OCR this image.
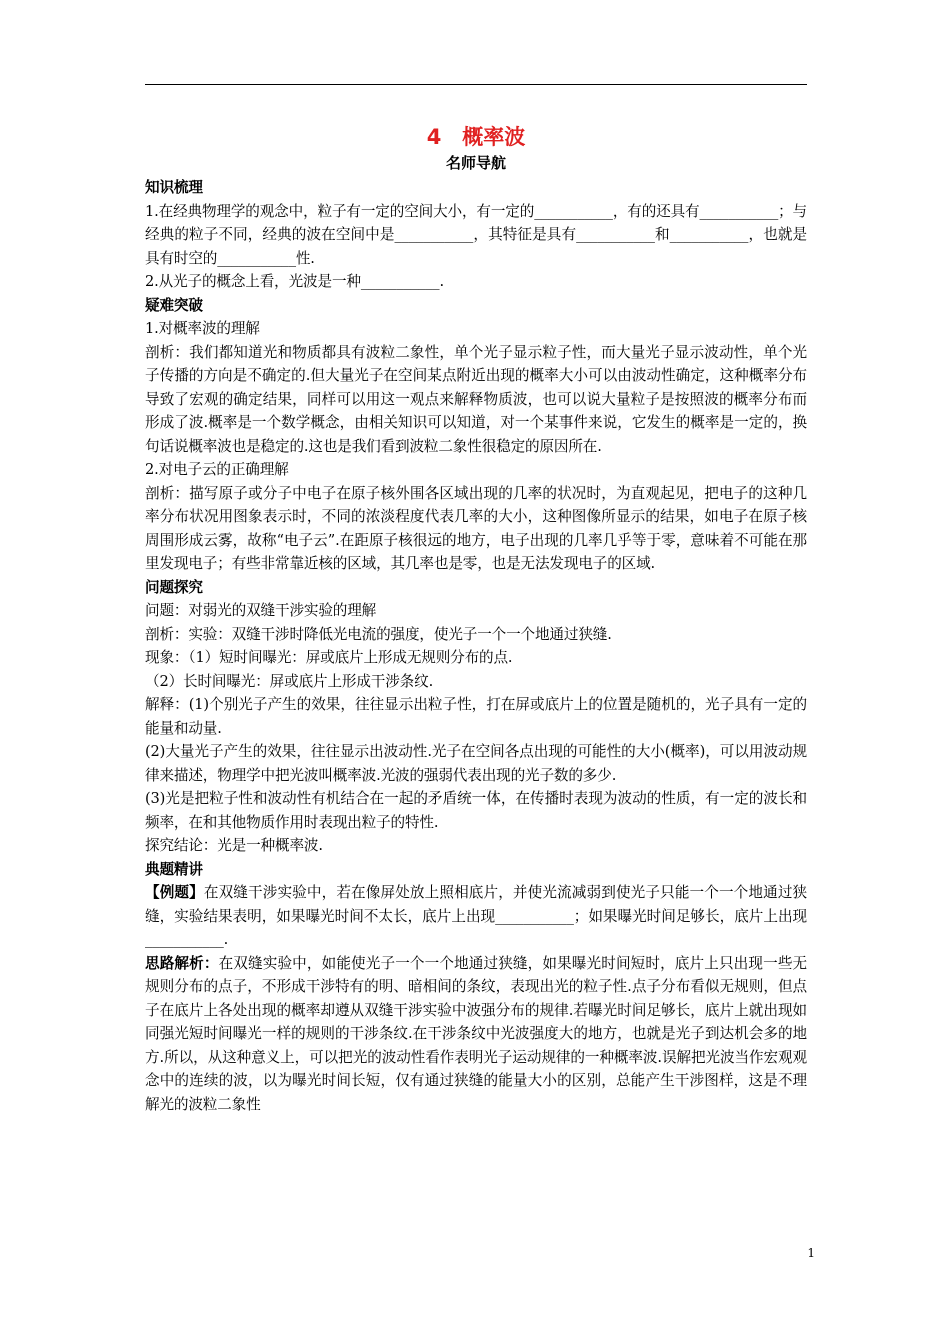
4　概率波
名师导航

知识梳理

1.在经典物理学的观念中，粒子有一定的空间大小，有一定的___________，有的还具有___________；与经典的粒子不同，经典的波在空间中是___________，其特征是具有___________和___________，也就是具有时空的___________性.

2.从光子的概念上看，光波是一种___________.

疑难突破

1.对概率波的理解

剖析：我们都知道光和物质都具有波粒二象性，单个光子显示粒子性，而大量光子显示波动性，单个光子传播的方向是不确定的.但大量光子在空间某点附近出现的概率大小可以由波动性确定，这种概率分布导致了宏观的确定结果，同样可以用这一观点来解释物质波，也可以说大量粒子是按照波的概率分布而形成了波.概率是一个数学概念，由相关知识可以知道，对一个某事件来说，它发生的概率是一定的，换句话说概率波也是稳定的.这也是我们看到波粒二象性很稳定的原因所在.

2.对电子云的正确理解

剖析：描写原子或分子中电子在原子核外围各区域出现的几率的状况时，为直观起见，把电子的这种几率分布状况用图象表示时，不同的浓淡程度代表几率的大小，这种图像所显示的结果，如电子在原子核周围形成云雾，故称“电子云”.在距原子核很远的地方，电子出现的几率几乎等于零，意味着不可能在那里发现电子；有些非常靠近核的区域，其几率也是零，也是无法发现电子的区域.

问题探究

问题：对弱光的双缝干涉实验的理解

剖析：实验：双缝干涉时降低光电流的强度，使光子一个一个地通过狭缝.

现象：（1）短时间曝光：屏或底片上形成无规则分布的点.

（2）长时间曝光：屏或底片上形成干涉条纹.

解释：(1)个别光子产生的效果，往往显示出粒子性，打在屏或底片上的位置是随机的，光子具有一定的能量和动量.

(2)大量光子产生的效果，往往显示出波动性.光子在空间各点出现的可能性的大小(概率)，可以用波动规律来描述，物理学中把光波叫概率波.光波的强弱代表出现的光子数的多少.

(3)光是把粒子性和波动性有机结合在一起的矛盾统一体，在传播时表现为波动的性质，有一定的波长和频率，在和其他物质作用时表现出粒子的特性.

探究结论：光是一种概率波.

典题精讲

【例题】在双缝干涉实验中，若在像屏处放上照相底片，并使光流减弱到使光子只能一个一个地通过狭缝，实验结果表明，如果曝光时间不太长，底片上出现___________；如果曝光时间足够长，底片上出现___________.

思路解析：在双缝实验中，如能使光子一个一个地通过狭缝，如果曝光时间短时，底片上只出现一些无规则分布的点子，不形成干涉特有的明、暗相间的条纹，表现出光的粒子性.点子分布看似无规则，但点子在底片上各处出现的概率却遵从双缝干涉实验中波强分布的规律.若曝光时间足够长，底片上就出现如同强光短时间曝光一样的规则的干涉条纹.在干涉条纹中光波强度大的地方，也就是光子到达机会多的地方.所以，从这种意义上，可以把光的波动性看作表明光子运动规律的一种概率波.误解把光波当作宏观观念中的连续的波，以为曝光时间长短，仅有通过狭缝的能量大小的区别，总能产生干涉图样，这是不理解光的波粒二象性

1
